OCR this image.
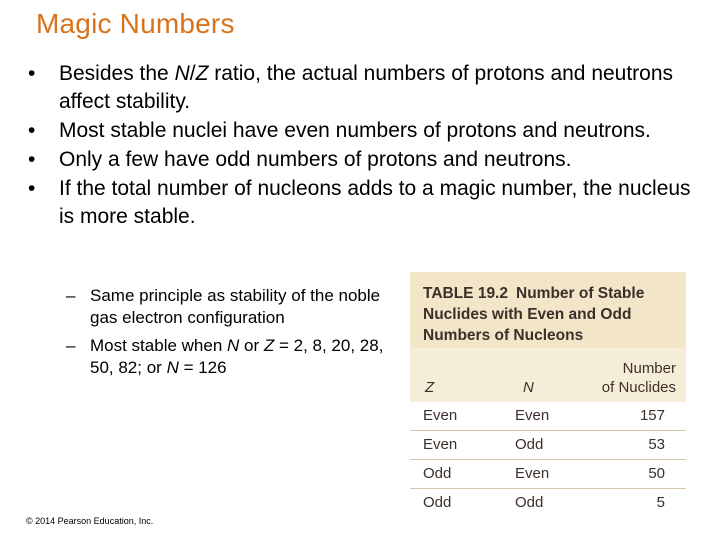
Magic Numbers
• Besides the N/Z ratio, the actual numbers of protons and neutrons affect stability.
• Most stable nuclei have even numbers of protons and neutrons.
• Only a few have odd numbers of protons and neutrons.
• If the total number of nucleons adds to a magic number, the nucleus is more stable.
– Same principle as stability of the noble gas electron configuration
– Most stable when N or Z = 2, 8, 20, 28, 50, 82; or N = 126
TABLE 19.2 Number of Stable Nuclides with Even and Odd Numbers of Nucleons
Number
of Nuclides
Z	N
Even	Even	157
Even	Odd	53
Odd	Even	50
Odd	Odd	5
© 2014 Pearson Education, Inc.
